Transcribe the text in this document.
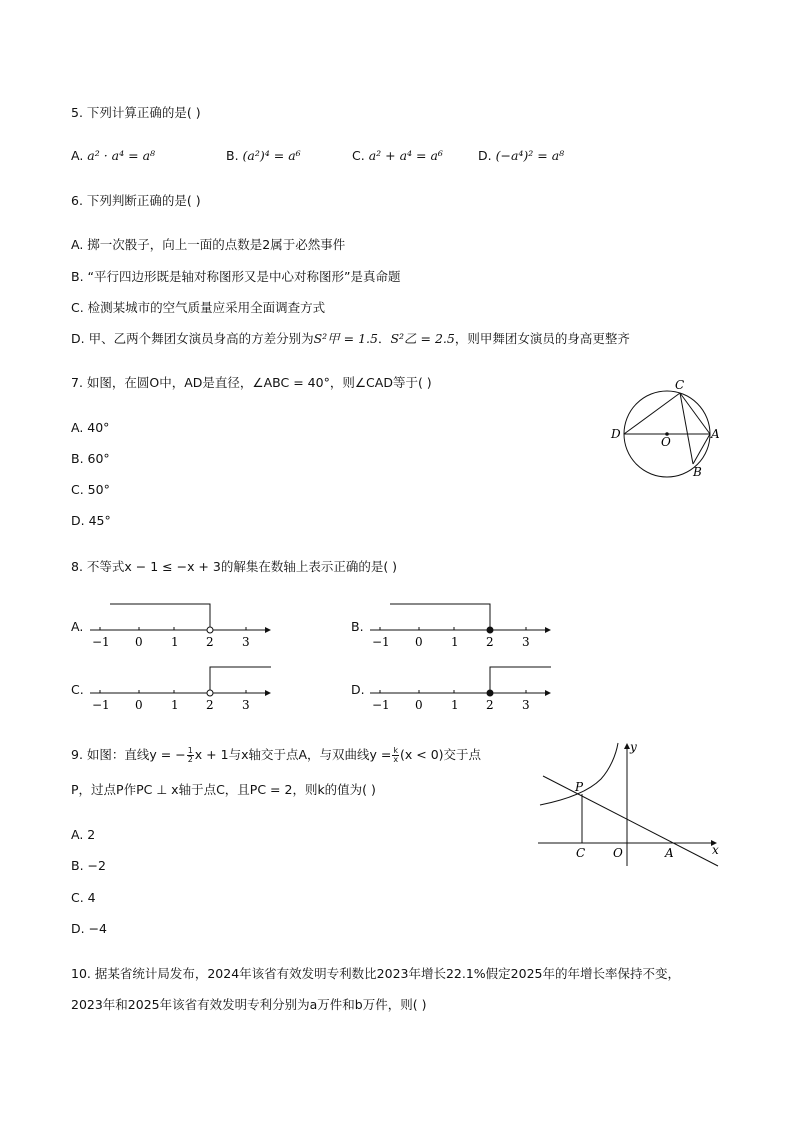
5. 下列计算正确的是( )
A. a² · a⁴ = a⁸	B. (a²)⁴ = a⁶	C. a² + a⁴ = a⁶	D. (−a⁴)² = a⁸
6. 下列判断正确的是( )
A. 掷一次骰子，向上一面的点数是2属于必然事件
B. “平行四边形既是轴对称图形又是中心对称图形”是真命题
C. 检测某城市的空气质量应采用全面调查方式
D. 甲、乙两个舞团女演员身高的方差分别为S²甲 = 1.5．S²乙 = 2.5，则甲舞团女演员的身高更整齐
7. 如图，在圆O中，AD是直径，∠ABC = 40°，则∠CAD等于( )
A. 40°
B. 60°
C. 50°
D. 45°
C
D
O
A
B
8. 不等式x − 1 ≤ −x + 3的解集在数轴上表示正确的是( )
A.	B.
C.	D.
−1 0 1 2 3	−1 0 1 2 3
−1 0 1 2 3	−1 0 1 2 3
9. 如图：直线y = − $\frac{1}{2}$ x + 1与x轴交于点A，与双曲线$y = \frac{k}{x} (x < 0)$交于点
P，过点P作PC ⊥ x轴于点C，且PC = 2，则k的值为( )
A. 2
B. −2
C. 4
D. −4
y
x
P
C O	A
10. 据某省统计局发布，2024年该省有效发明专利数比2023年增长22.1%假定2025年的年增长率保持不变，
2023年和2025年该省有效发明专利分别为a万件和b万件，则( )
